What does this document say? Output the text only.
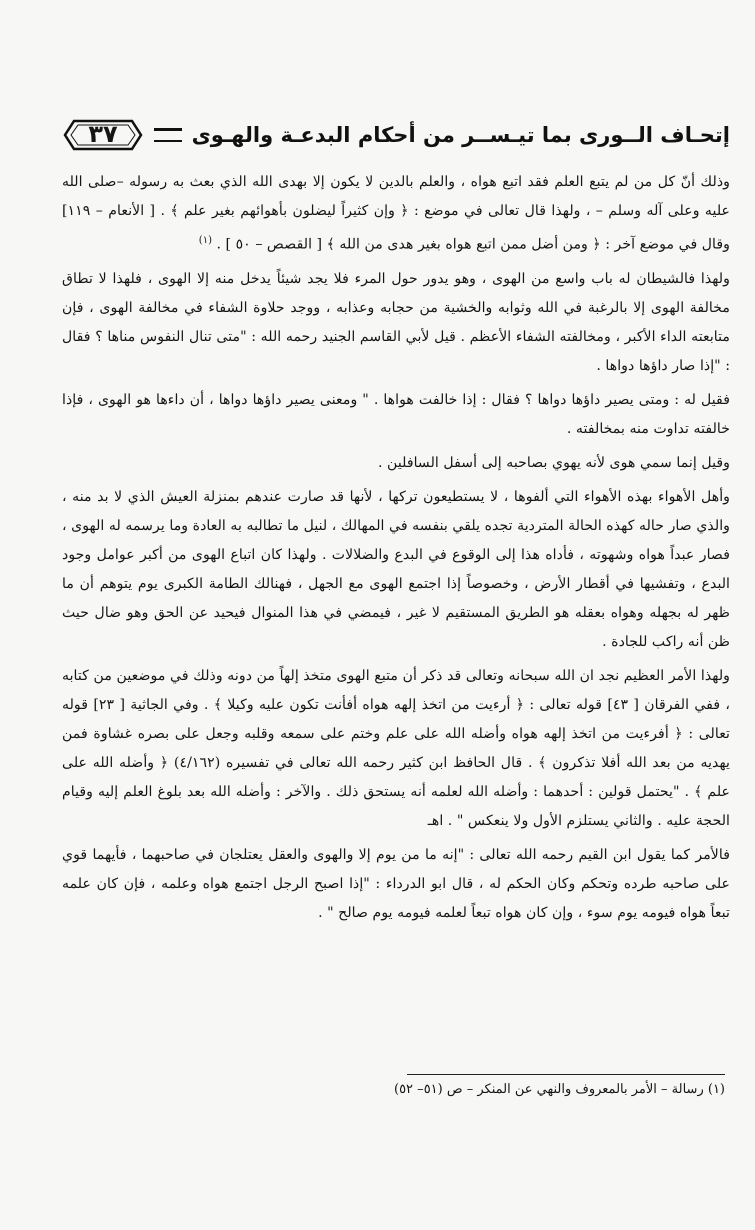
إتحـاف الــورى بما تيـســر من أحكام البدعـة والهـوى
٣٧

وذلك أنّ كل من لم يتبع العلم فقد اتبع هواه ، والعلم بالدين لا يكون إلا بهدى الله الذي بعث به رسوله –صلى الله عليه وعلى آله وسلم – ، ولهذا قال تعالى في موضع : ﴿ وإن كثيراً ليضلون بأهوائهم بغير علم ﴾ . [ الأنعام – ١١٩] وقال في موضع آخر : ﴿ ومن أضل ممن اتبع هواه بغير هدى من الله ﴾ [ القصص – ٥٠ ] . $^{(١)}$

ولهذا فالشيطان له باب واسع من الهوى ، وهو يدور حول المرء فلا يجد شيئاً يدخل منه إلا الهوى ، فلهذا لا تطاق مخالفة الهوى إلا بالرغبة في الله وثوابه والخشية من حجابه وعذابه ، ووجد حلاوة الشفاء في مخالفة الهوى ، فإن متابعته الداء الأكبر ، ومخالفته الشفاء الأعظم . قيل لأبي القاسم الجنيد رحمه الله : "متى تنال النفوس مناها ؟ فقال : "إذا صار داؤها دواها .

فقيل له : ومتى يصير داؤها دواها ؟ فقال : إذا خالفت هواها . " ومعنى يصير داؤها دواها ، أن داءها هو الهوى ، فإذا خالفته تداوت منه بمخالفته .

وقيل إنما سمي هوى لأنه يهوي بصاحبه إلى أسفل السافلين .

وأهل الأهواء بهذه الأهواء التي ألفوها ، لا يستطيعون تركها ، لأنها قد صارت عندهم بمنزلة العيش الذي لا بد منه ، والذي صار حاله كهذه الحالة المتردية تجده يلقي بنفسه في المهالك ، لنيل ما تطالبه به العادة وما يرسمه له الهوى ، فصار عبداً هواه وشهوته ، فأداه هذا إلى الوقوع في البدع والضلالات . ولهذا كان اتباع الهوى من أكبر عوامل وجود البدع ، وتفشيها في أقطار الأرض ، وخصوصاً إذا اجتمع الهوى مع الجهل ، فهنالك الطامة الكبرى يوم يتوهم أن ما ظهر له بجهله وهواه بعقله هو الطريق المستقيم لا غير ، فيمضي في هذا المنوال فيحيد عن الحق وهو ضال حيث ظن أنه راكب للجادة .

ولهذا الأمر العظيم نجد ان الله سبحانه وتعالى قد ذكر أن متبع الهوى متخذ إلهاً من دونه وذلك في موضعين من كتابه ، ففي الفرقان [ ٤٣] قوله تعالى : ﴿ أرءيت من اتخذ إلهه هواه أفأنت تكون عليه وكيلا ﴾ . وفي الجاثية [ ٢٣] قوله تعالى : ﴿ أفرءيت من اتخذ إلهه هواه وأضله الله على علم وختم على سمعه وقلبه وجعل على بصره غشاوة فمن يهديه من بعد الله أفلا تذكرون ﴾ . قال الحافظ ابن كثير رحمه الله تعالى في تفسيره (٤/١٦٢) ﴿ وأضله الله على علم ﴾ . "يحتمل قولين : أحدهما : وأضله الله لعلمه أنه يستحق ذلك . والآخر : وأضله الله بعد بلوغ العلم إليه وقيام الحجة عليه . والثاني يستلزم الأول ولا ينعكس " . اهـ

فالأمر كما يقول ابن القيم رحمه الله تعالى : "إنه ما من يوم إلا والهوى والعقل يعتلجان في صاحبهما ، فأيهما قوي على صاحبه طرده وتحكم وكان الحكم له ، قال ابو الدرداء : "إذا اصبح الرجل اجتمع هواه وعلمه ، فإن كان علمه تبعاً هواه فيومه يوم سوء ، وإن كان هواه تبعاً لعلمه فيومه يوم صالح " .

(١) رسالة – الأمر بالمعروف والنهي عن المنكر – ص (٥١– ٥٢)
